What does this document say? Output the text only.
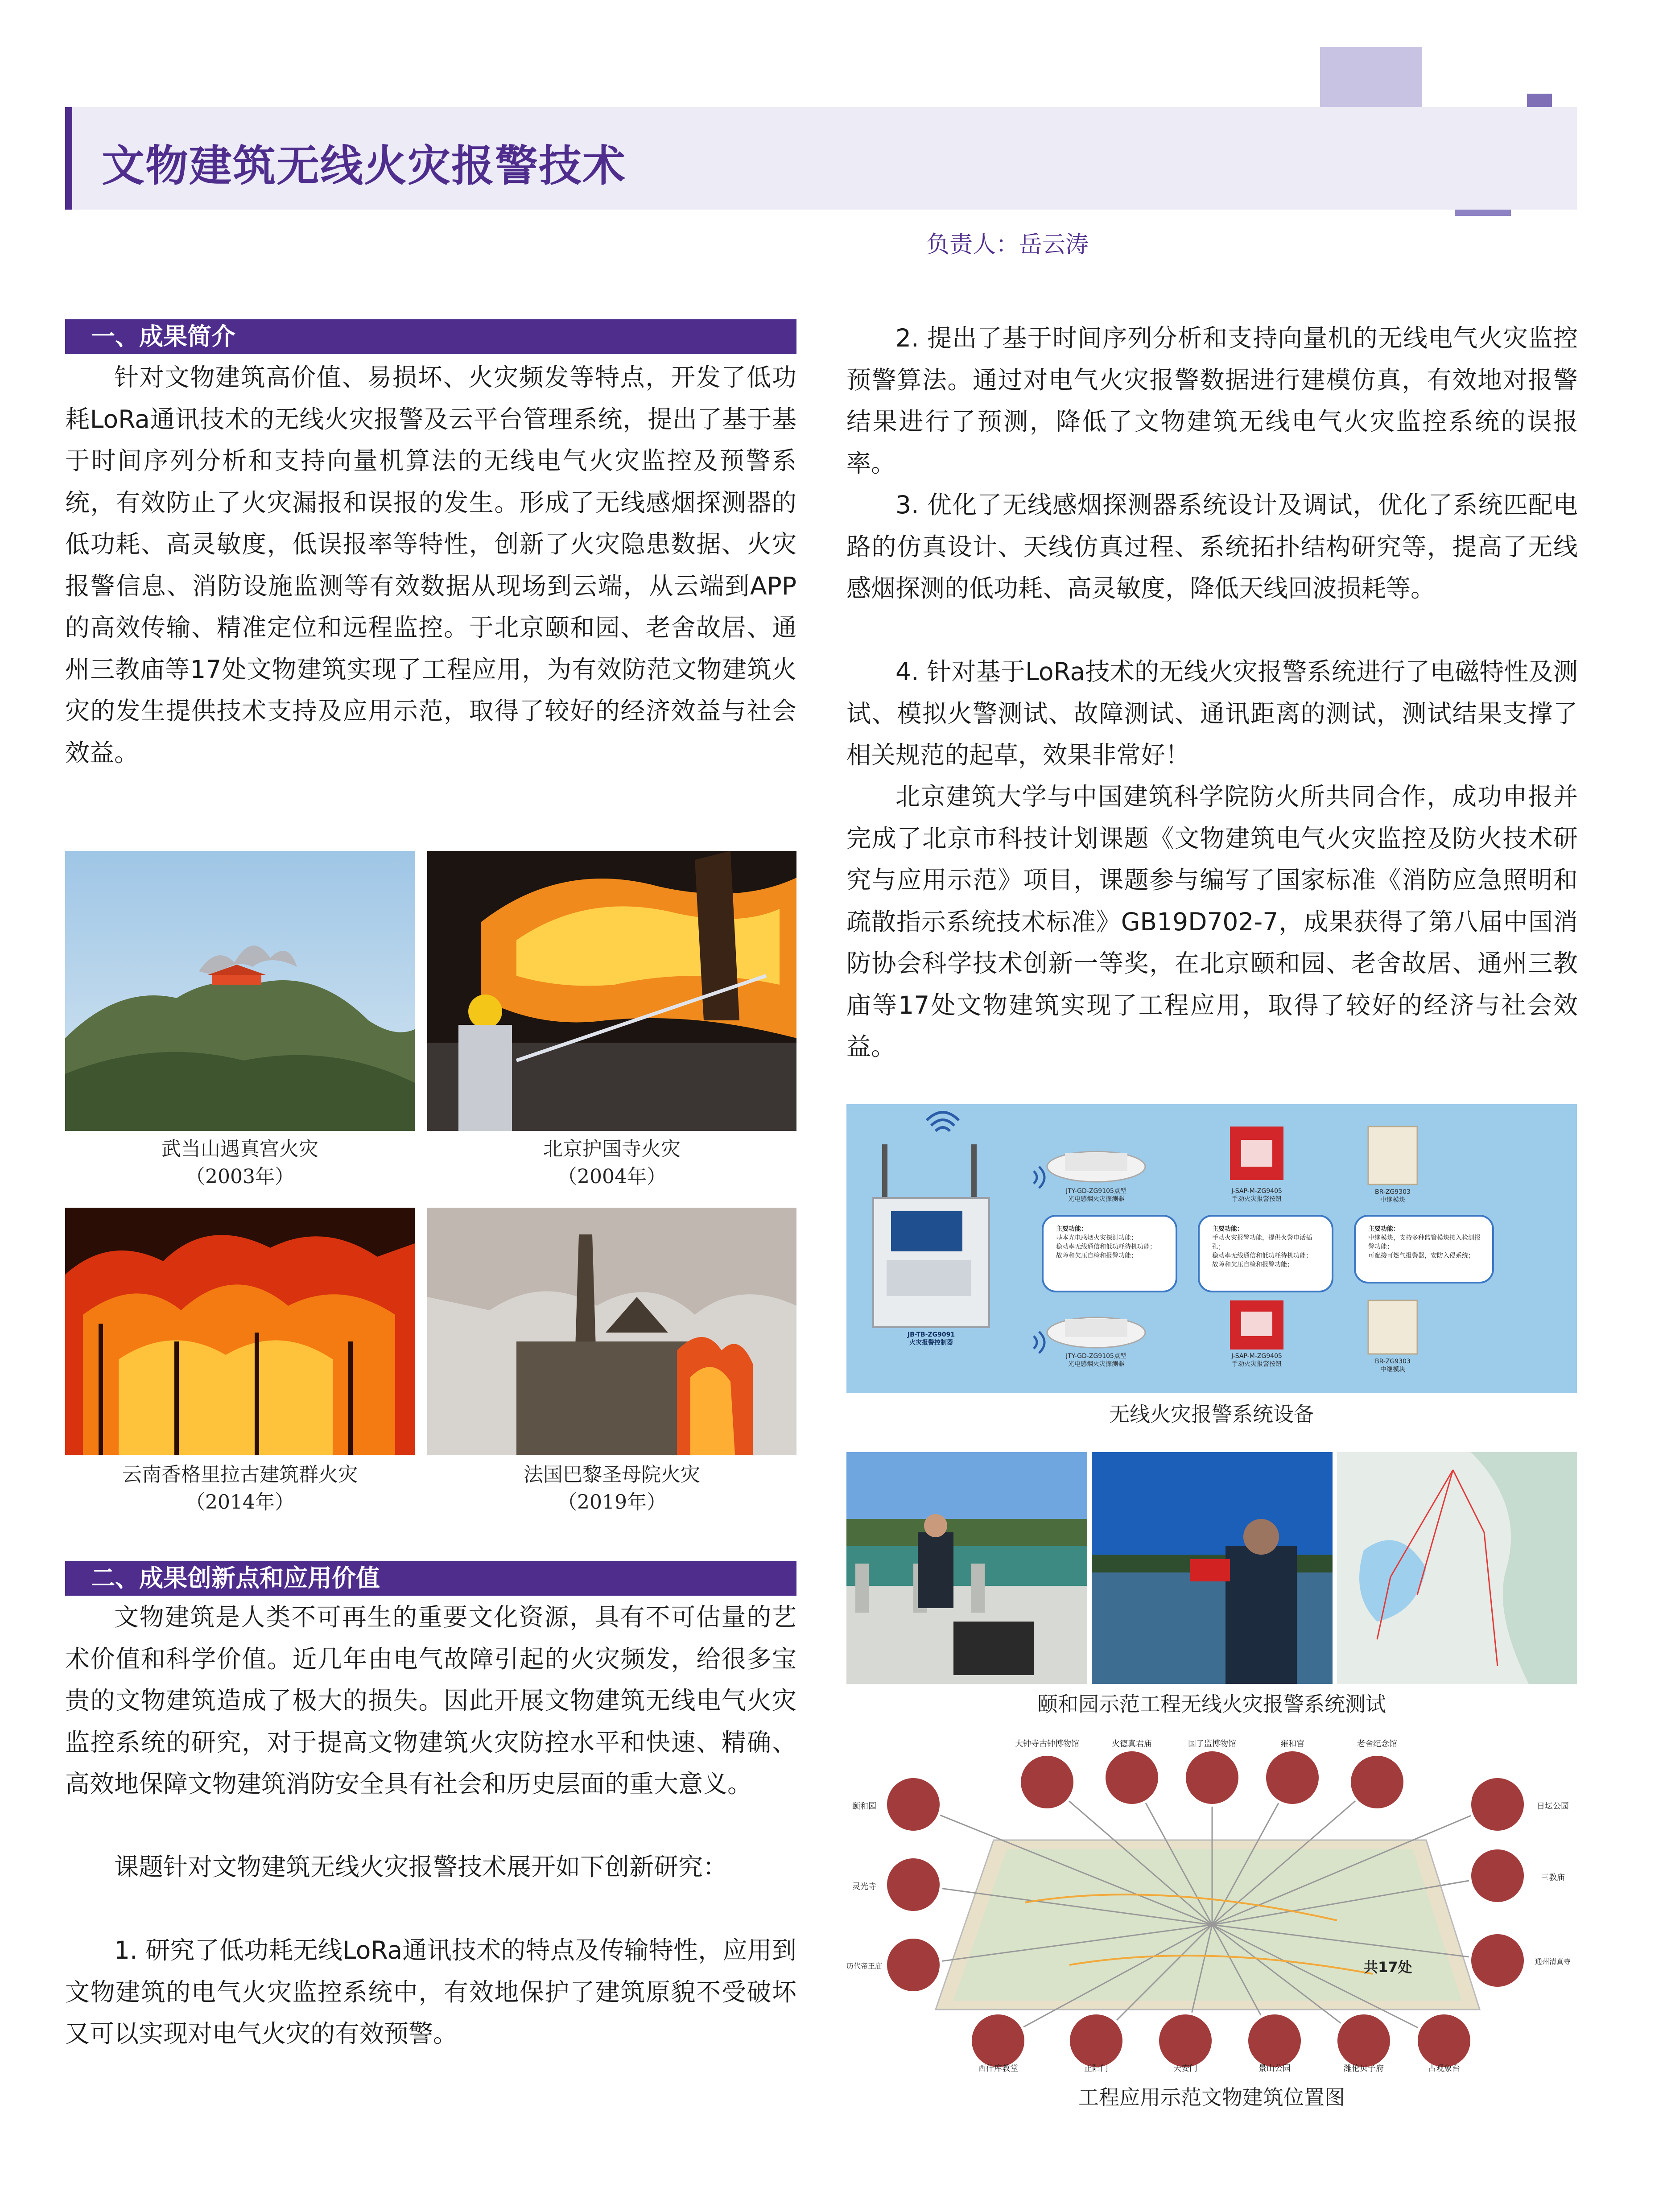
文物建筑无线火灾报警技术
负责人：岳云涛
一、成果简介

针对文物建筑高价值、易损坏、火灾频发等特点，开发了低功耗LoRa通讯技术的无线火灾报警及云平台管理系统，提出了基于基于时间序列分析和支持向量机算法的无线电气火灾监控及预警系统，有效防止了火灾漏报和误报的发生。形成了无线感烟探测器的低功耗、高灵敏度，低误报率等特性，创新了火灾隐患数据、火灾报警信息、消防设施监测等有效数据从现场到云端，从云端到APP的高效传输、精准定位和远程监控。于北京颐和园、老舍故居、通州三教庙等17处文物建筑实现了工程应用，为有效防范文物建筑火灾的发生提供技术支持及应用示范，取得了较好的经济效益与社会效益。

武当山遇真宫火灾
（2003年）
北京护国寺火灾
（2004年）
云南香格里拉古建筑群火灾
（2014年）
法国巴黎圣母院火灾
（2019年）
二、成果创新点和应用价值

文物建筑是人类不可再生的重要文化资源，具有不可估量的艺术价值和科学价值。近几年由电气故障引起的火灾频发，给很多宝贵的文物建筑造成了极大的损失。因此开展文物建筑无线电气火灾监控系统的研究，对于提高文物建筑火灾防控水平和快速、精确、高效地保障文物建筑消防安全具有社会和历史层面的重大意义。

课题针对文物建筑无线火灾报警技术展开如下创新研究：

1. 研究了低功耗无线LoRa通讯技术的特点及传输特性，应用到文物建筑的电气火灾监控系统中，有效地保护了建筑原貌不受破坏又可以实现对电气火灾的有效预警。

2. 提出了基于时间序列分析和支持向量机的无线电气火灾监控预警算法。通过对电气火灾报警数据进行建模仿真，有效地对报警结果进行了预测，降低了文物建筑无线电气火灾监控系统的误报率。

3. 优化了无线感烟探测器系统设计及调试，优化了系统匹配电路的仿真设计、天线仿真过程、系统拓扑结构研究等，提高了无线感烟探测的低功耗、高灵敏度，降低天线回波损耗等。

4. 针对基于LoRa技术的无线火灾报警系统进行了电磁特性及测试、模拟火警测试、故障测试、通讯距离的测试，测试结果支撑了相关规范的起草，效果非常好！

北京建筑大学与中国建筑科学院防火所共同合作，成功申报并完成了北京市科技计划课题《文物建筑电气火灾监控及防火技术研究与应用示范》项目，课题参与编写了国家标准《消防应急照明和疏散指示系统技术标准》GB19D702-7，成果获得了第八届中国消防协会科学技术创新一等奖，在北京颐和园、老舍故居、通州三教庙等17处文物建筑实现了工程应用，取得了较好的经济与社会效益。

JB-TB-ZG9091
火灾报警控制器
JTY-GD-ZG9105点型
光电感烟火灾探测器
J-SAP-M-ZG9405
手动火灾报警按钮
BR-ZG9303
中继模块
JTY-GD-ZG9105点型
光电感烟火灾探测器
J-SAP-M-ZG9405
手动火灾报警按钮	BR-ZG9303
中继模块
主要功能：
基本光电感烟火灾探测功能；
稳动率无线通信和低功耗待机功能；
故障和欠压自检和报警功能；
主要功能：
手动火灾报警功能，提供火警电话插孔；
稳动率无线通信和低功耗待机功能；
故障和欠压自检和报警功能；
主要功能：
中继模块，支持多种监管模块接入检测报警功能；
可配接可燃气报警器，安防入侵系统；
无线火灾报警系统设备
颐和园示范工程无线火灾报警系统测试
共17处
大钟寺古钟博物馆	火德真君庙	国子监博物馆	雍和宫	老舍纪念馆
颐和园	日坛公园
灵光寺
三教庙
历代帝王庙
通州清真寺
西什库教堂	正阳门	天安门	景山公园	潍伦贝子府	古观象台
工程应用示范文物建筑位置图
